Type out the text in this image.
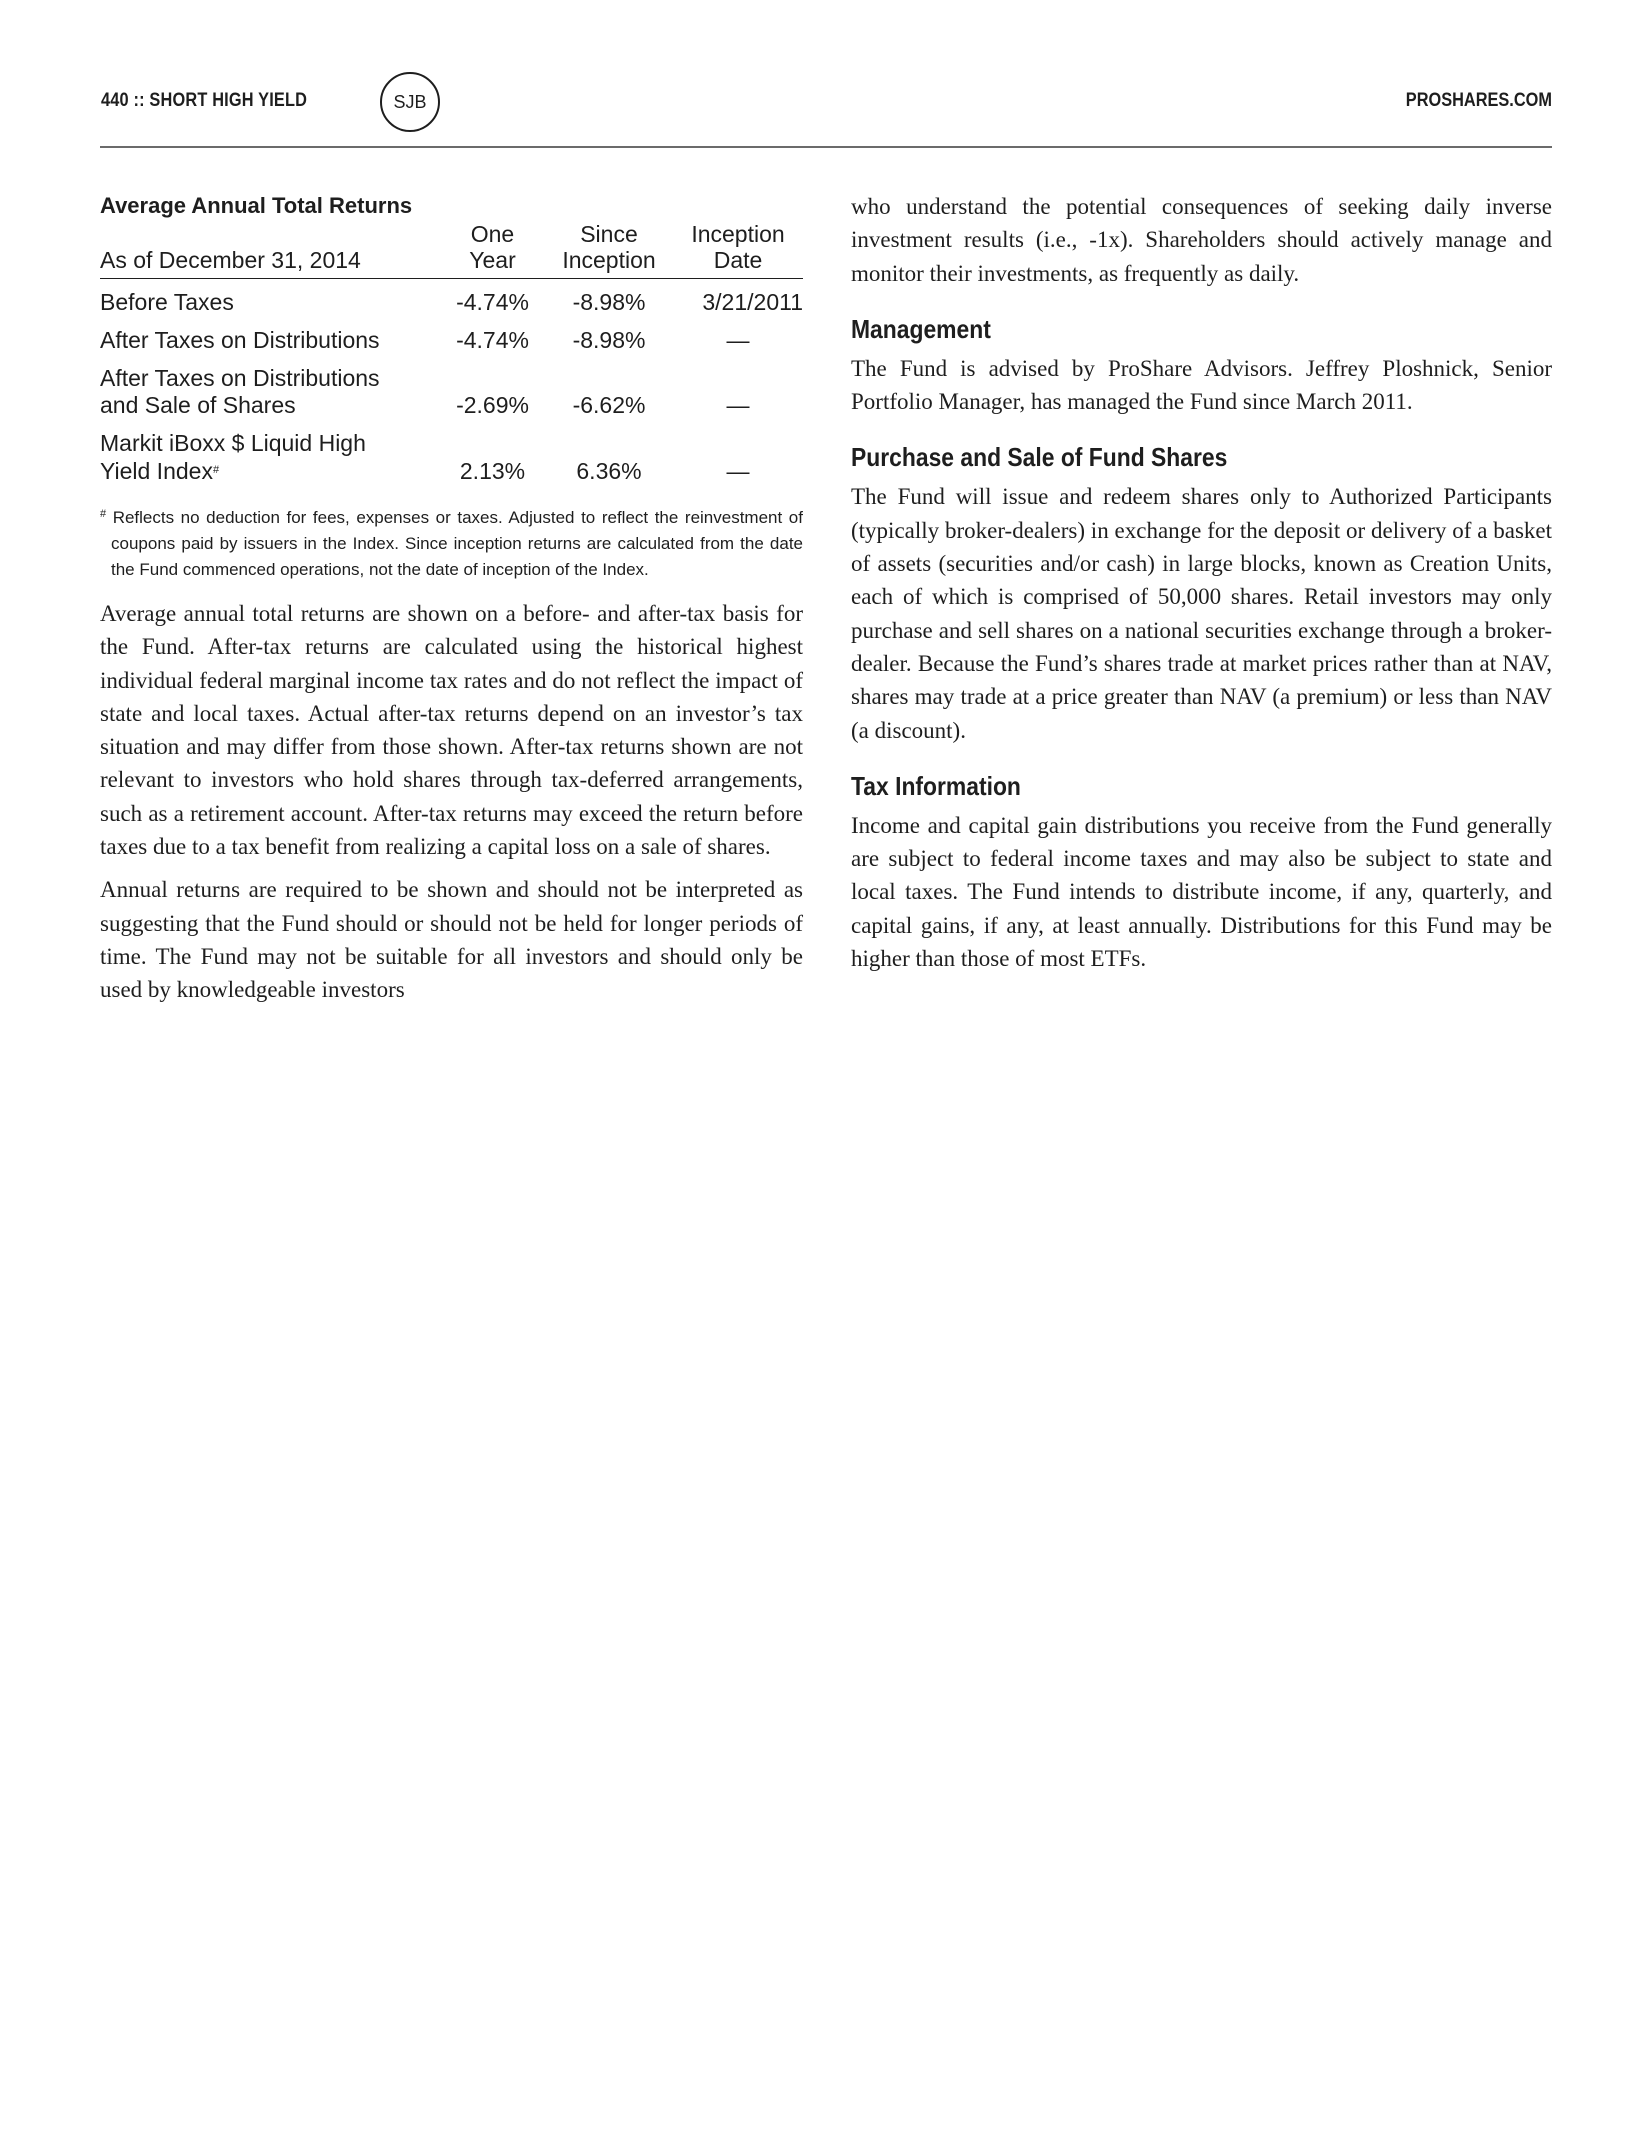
440 :: SHORT HIGH YIELD	SJB	PROSHARES.COM
Average Annual Total Returns
As of December 31, 2014	One Year	Since Inception	Inception Date
Before Taxes	-4.74%	-8.98%	3/21/2011
After Taxes on Distributions	-4.74%	-8.98%	—
After Taxes on Distributions
and Sale of Shares	-2.69%	-6.62%	—
Markit iBoxx $ Liquid High
Yield Index#	2.13%	6.36%	—
# Reflects no deduction for fees, expenses or taxes. Adjusted to reflect the reinvestment of coupons paid by issuers in the Index. Since inception returns are calculated from the date the Fund commenced operations, not the date of inception of the Index.

Average annual total returns are shown on a before- and after-tax basis for the Fund. After-tax returns are calculated using the historical highest individual federal marginal income tax rates and do not reflect the impact of state and local taxes. Actual after-tax returns depend on an investor’s tax situation and may differ from those shown. After-tax returns shown are not relevant to investors who hold shares through tax-deferred arrangements, such as a retirement account. After-tax returns may exceed the return before taxes due to a tax benefit from realizing a capital loss on a sale of shares.

Annual returns are required to be shown and should not be interpreted as suggesting that the Fund should or should not be held for longer periods of time. The Fund may not be suitable for all investors and should only be used by knowledgeable investors

who understand the potential consequences of seeking daily inverse investment results (i.e., -1x). Shareholders should actively manage and monitor their investments, as frequently as daily.

Management

The Fund is advised by ProShare Advisors. Jeffrey Ploshnick, Senior Portfolio Manager, has managed the Fund since March 2011.

Purchase and Sale of Fund Shares

The Fund will issue and redeem shares only to Authorized Participants (typically broker-dealers) in exchange for the deposit or delivery of a basket of assets (securities and/or cash) in large blocks, known as Creation Units, each of which is comprised of 50,000 shares. Retail investors may only purchase and sell shares on a national securities exchange through a broker-dealer. Because the Fund’s shares trade at market prices rather than at NAV, shares may trade at a price greater than NAV (a premium) or less than NAV (a discount).

Tax Information

Income and capital gain distributions you receive from the Fund generally are subject to federal income taxes and may also be subject to state and local taxes. The Fund intends to distribute income, if any, quarterly, and capital gains, if any, at least annually. Distributions for this Fund may be higher than those of most ETFs.
